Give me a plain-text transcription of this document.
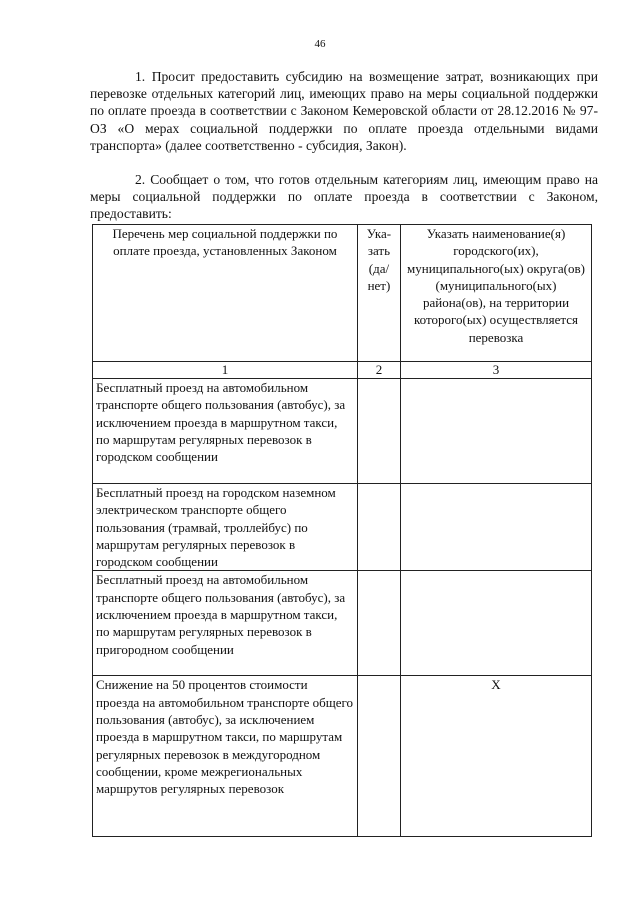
46

1. Просит предоставить субсидию на возмещение затрат, возникающих при перевозке отдельных категорий лиц, имеющих право на меры социальной поддержки по оплате проезда в соответствии с Законом Кемеровской области от 28.12.2016 № 97-ОЗ «О мерах социальной поддержки по оплате проезда отдельными видами транспорта» (далее соответственно - субсидия, Закон).

2. Сообщает о том, что готов отдельным категориям лиц, имеющим право на меры социальной поддержки по оплате проезда в соответствии с Законом, предоставить:

Перечень мер социальной поддержки по оплате проезда, установленных Законом	Ука-зать (да/ нет)	Указать наименование(я) городского(их), муниципального(ых) округа(ов) (муниципального(ых) района(ов), на территории которого(ых) осуществляется перевозка
1	2	3
Бесплатный проезд на автомобильном транспорте общего пользования (автобус), за исключением проезда в маршрутном такси, по маршрутам регулярных перевозок в городском сообщении		
Бесплатный проезд на городском наземном электрическом транспорте общего пользования (трамвай, троллейбус) по маршрутам регулярных перевозок в городском сообщении		
Бесплатный проезд на автомобильном транспорте общего пользования (автобус), за исключением проезда в маршрутном такси, по маршрутам регулярных перевозок в пригородном сообщении		
Снижение на 50 процентов стоимости проезда на автомобильном транспорте общего пользования (автобус), за исключением проезда в маршрутном такси, по маршрутам регулярных перевозок в междугородном сообщении, кроме межрегиональных маршрутов регулярных перевозок		Х
